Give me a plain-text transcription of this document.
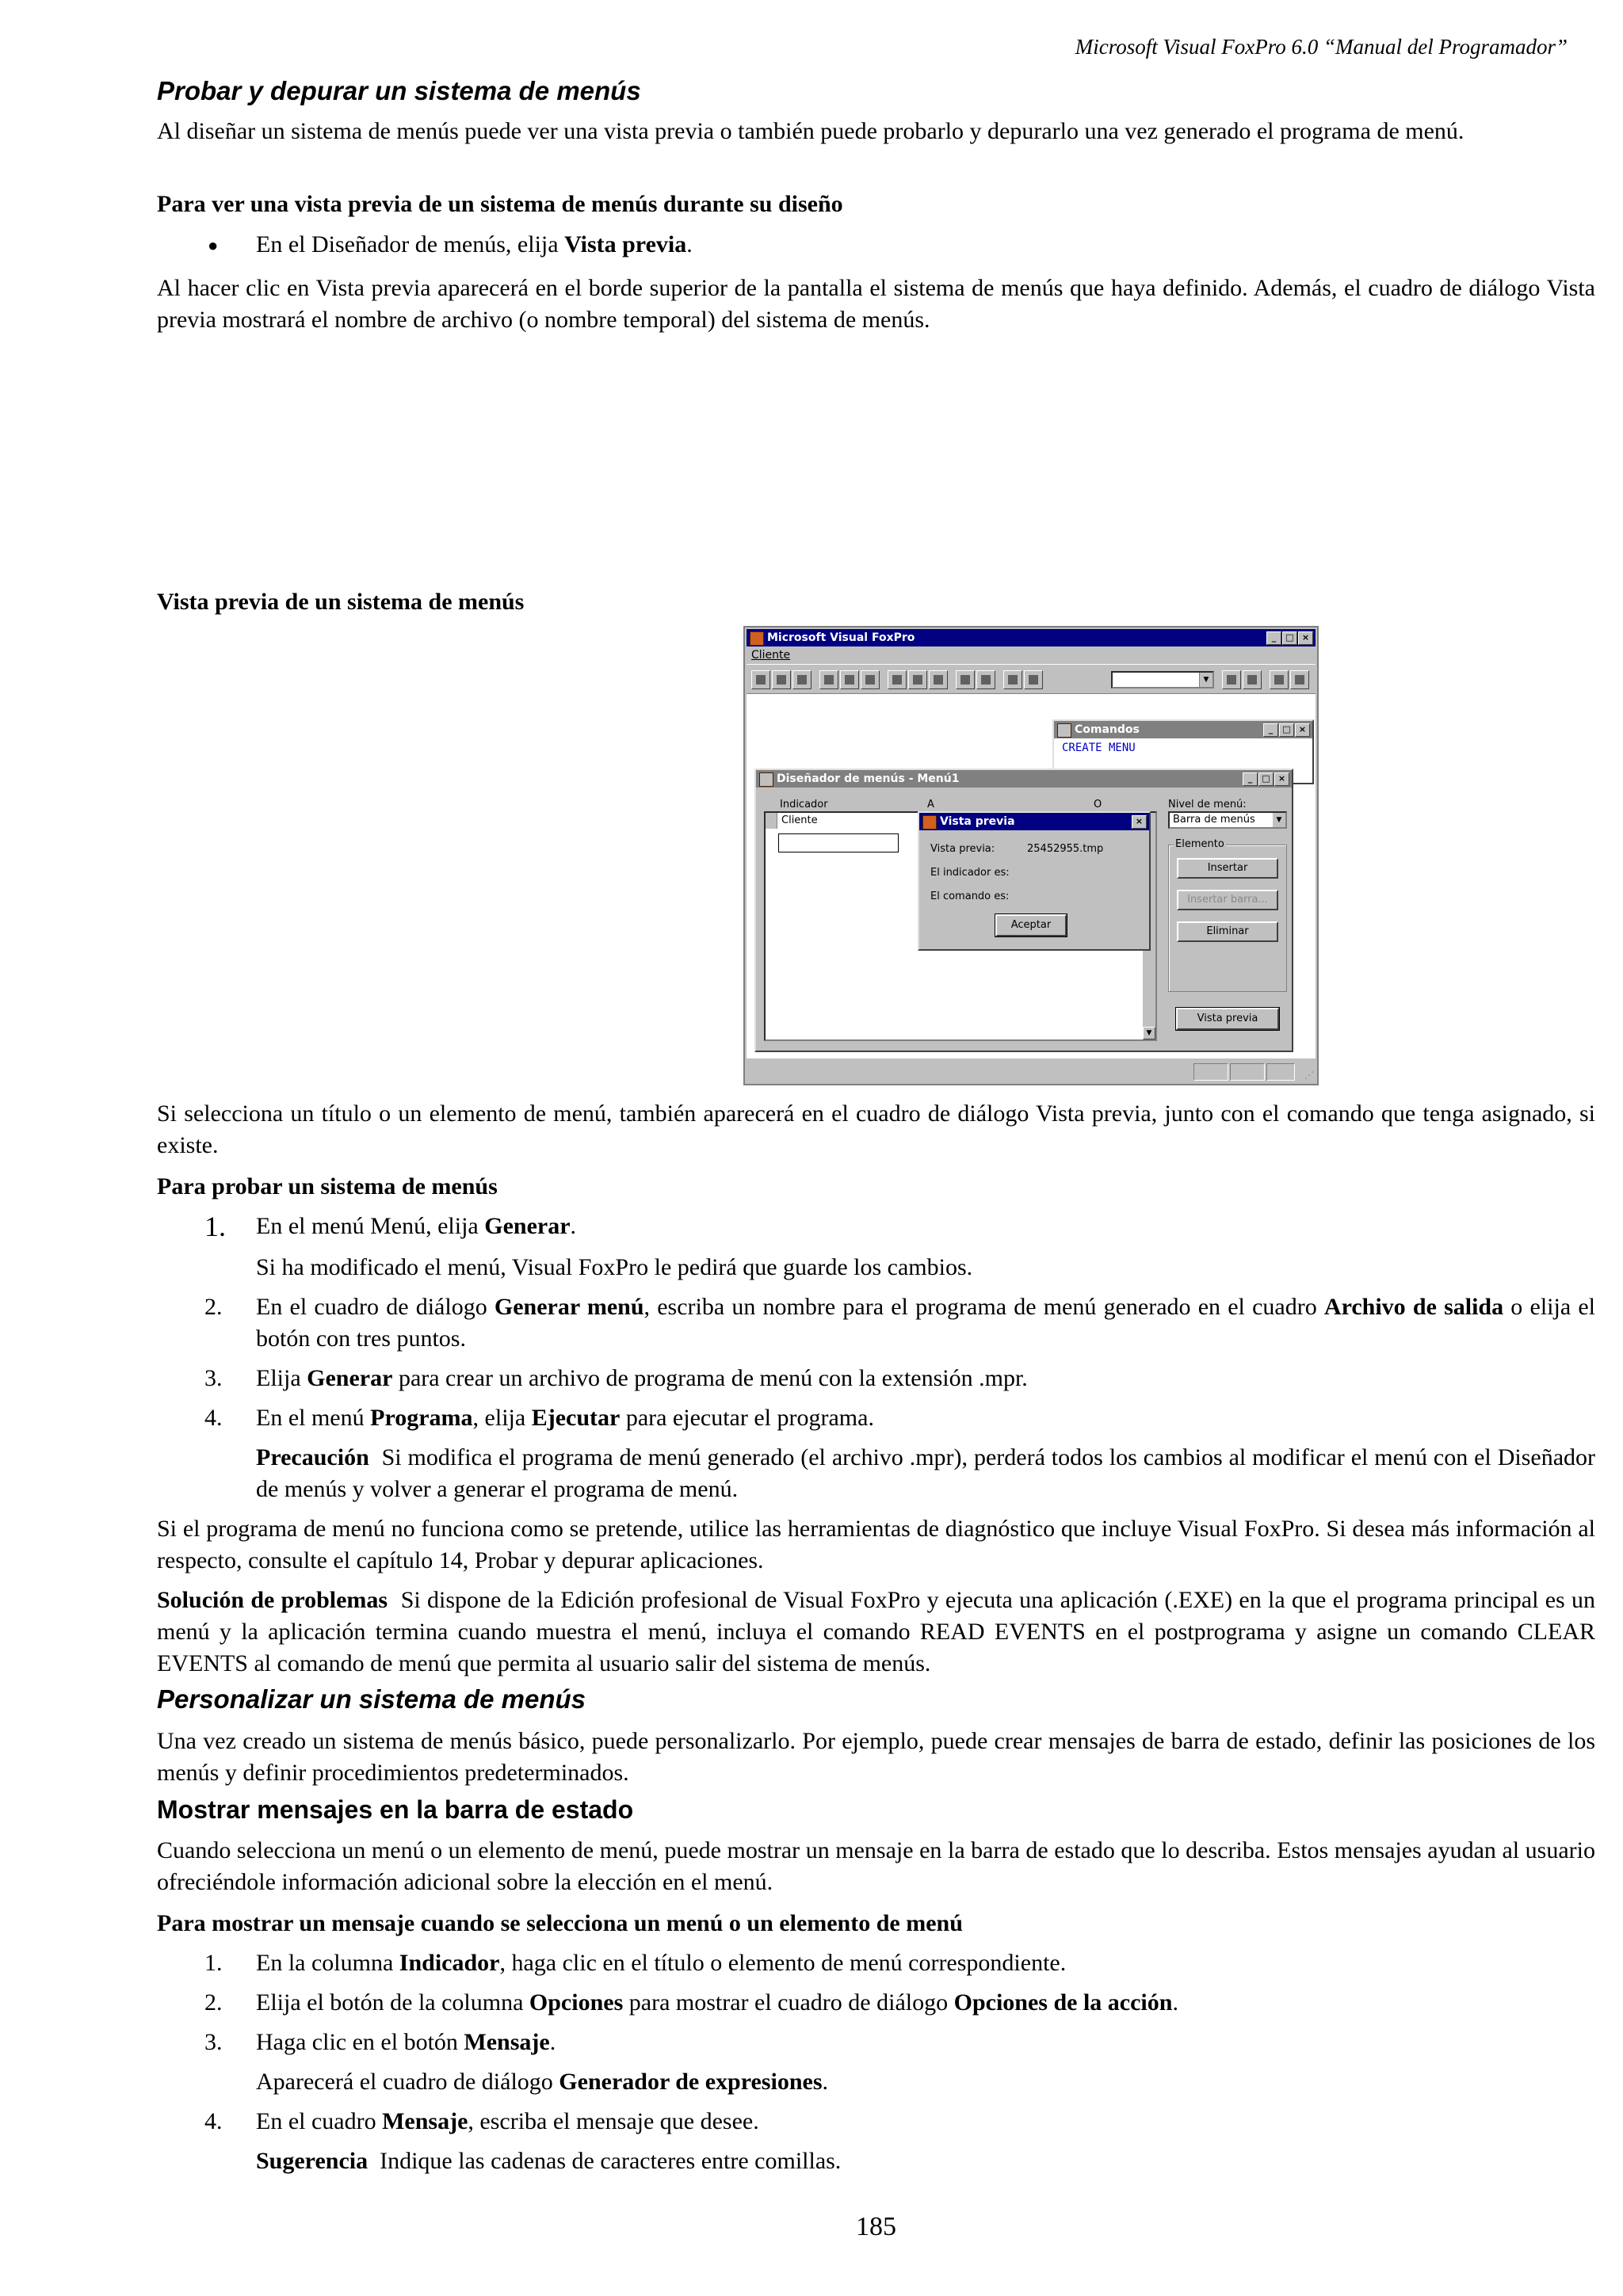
Microsoft Visual FoxPro 6.0 “Manual del Programador”
Probar y depurar un sistema de menús

Al diseñar un sistema de menús puede ver una vista previa o también puede probarlo y depurarlo una vez generado el programa de menú.

Para ver una vista previa de un sistema de menús durante su diseño

● En el Diseñador de menús, elija Vista previa.

Al hacer clic en Vista previa aparecerá en el borde superior de la pantalla el sistema de menús que haya definido. Además, el cuadro de diálogo Vista previa mostrará el nombre de archivo (o nombre temporal) del sistema de menús.

Vista previa de un sistema de menús

Microsoft Visual FoxPro	_	□ ×
Cliente
▼
Comandos	_	□ ×
CREATE MENU
Diseñador de menús - Menú1	_	□ ×
Indicador	A	O
Cliente
▼
Nivel de menú:
Barra de menús	▼
Elemento
Insertar
Insertar barra...
Eliminar
Vista previa
Vista previa	×
Vista previa:	25452955.tmp
El indicador es:
El comando es:
Aceptar
⋰

Si selecciona un título o un elemento de menú, también aparecerá en el cuadro de diálogo Vista previa, junto con el comando que tenga asignado, si existe.

Para probar un sistema de menús

1.	En el menú Menú, elija Generar.
Si ha modificado el menú, Visual FoxPro le pedirá que guarde los cambios.
2.	En el cuadro de diálogo Generar menú, escriba un nombre para el programa de menú generado en el cuadro Archivo de salida o elija el botón con tres puntos.
3.	Elija Generar para crear un archivo de programa de menú con la extensión .mpr.
4.	En el menú Programa, elija Ejecutar para ejecutar el programa.
Precaución Si modifica el programa de menú generado (el archivo .mpr), perderá todos los cambios al modificar el menú con el Diseñador de menús y volver a generar el programa de menú.

Si el programa de menú no funciona como se pretende, utilice las herramientas de diagnóstico que incluye Visual FoxPro. Si desea más información al respecto, consulte el capítulo 14, Probar y depurar aplicaciones.

Solución de problemas Si dispone de la Edición profesional de Visual FoxPro y ejecuta una aplicación (.EXE) en la que el programa principal es un menú y la aplicación termina cuando muestra el menú, incluya el comando READ EVENTS en el postprograma y asigne un comando CLEAR EVENTS al comando de menú que permita al usuario salir del sistema de menús.

Personalizar un sistema de menús

Una vez creado un sistema de menús básico, puede personalizarlo. Por ejemplo, puede crear mensajes de barra de estado, definir las posiciones de los menús y definir procedimientos predeterminados.

Mostrar mensajes en la barra de estado

Cuando selecciona un menú o un elemento de menú, puede mostrar un mensaje en la barra de estado que lo describa. Estos mensajes ayudan al usuario ofreciéndole información adicional sobre la elección en el menú.

Para mostrar un mensaje cuando se selecciona un menú o un elemento de menú

1.	En la columna Indicador, haga clic en el título o elemento de menú correspondiente.
2.	Elija el botón de la columna Opciones para mostrar el cuadro de diálogo Opciones de la acción.
3.	Haga clic en el botón Mensaje.
Aparecerá el cuadro de diálogo Generador de expresiones.
4.	En el cuadro Mensaje, escriba el mensaje que desee.
Sugerencia Indique las cadenas de caracteres entre comillas.
185
